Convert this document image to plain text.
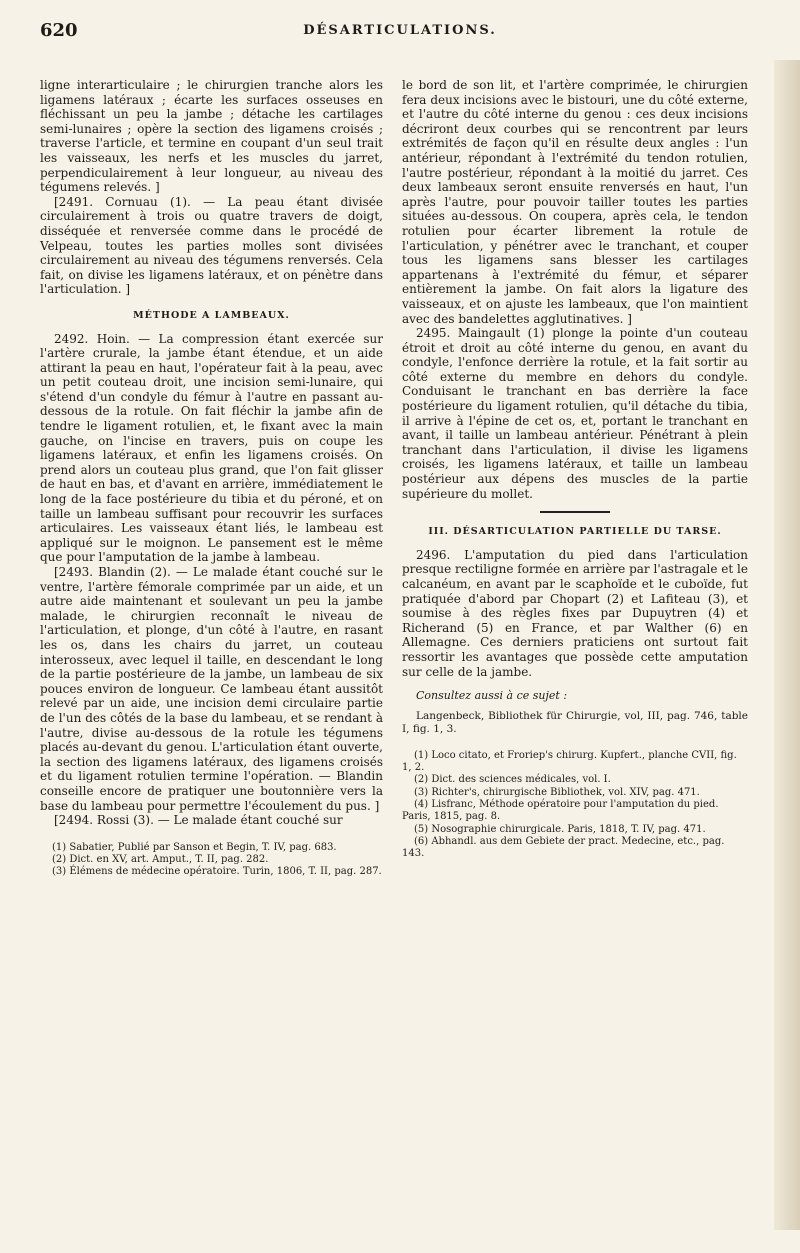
620	DÉSARTICULATIONS.

ligne interarticulaire ; le chirurgien tranche alors les ligamens latéraux ; écarte les surfaces osseuses en fléchissant un peu la jambe ; détache les cartilages semi-lunaires ; opère la section des ligamens croisés ; traverse l'article, et termine en coupant d'un seul trait les vaisseaux, les nerfs et les muscles du jarret, perpendiculairement à leur longueur, au niveau des tégumens relevés. ]

[2491. Cornuau (1). — La peau étant divisée circulairement à trois ou quatre travers de doigt, disséquée et renversée comme dans le procédé de Velpeau, toutes les parties molles sont divisées circulairement au niveau des tégumens renversés. Cela fait, on divise les ligamens latéraux, et on pénètre dans l'articulation. ]

MÉTHODE A LAMBEAUX.

2492. Hoin. — La compression étant exercée sur l'artère crurale, la jambe étant étendue, et un aide attirant la peau en haut, l'opérateur fait à la peau, avec un petit couteau droit, une incision semi-lunaire, qui s'étend d'un condyle du fémur à l'autre en passant au-dessous de la rotule. On fait fléchir la jambe afin de tendre le ligament rotulien, et, le fixant avec la main gauche, on l'incise en travers, puis on coupe les ligamens latéraux, et enfin les ligamens croisés. On prend alors un couteau plus grand, que l'on fait glisser de haut en bas, et d'avant en arrière, immédiatement le long de la face postérieure du tibia et du péroné, et on taille un lambeau suffisant pour recouvrir les surfaces articulaires. Les vaisseaux étant liés, le lambeau est appliqué sur le moignon. Le pansement est le même que pour l'amputation de la jambe à lambeau.

[2493. Blandin (2). — Le malade étant couché sur le ventre, l'artère fémorale comprimée par un aide, et un autre aide maintenant et soulevant un peu la jambe malade, le chirurgien reconnaît le niveau de l'articulation, et plonge, d'un côté à l'autre, en rasant les os, dans les chairs du jarret, un couteau interosseux, avec lequel il taille, en descendant le long de la partie postérieure de la jambe, un lambeau de six pouces environ de longueur. Ce lambeau étant aussitôt relevé par un aide, une incision demi circulaire partie de l'un des côtés de la base du lambeau, et se rendant à l'autre, divise au-dessous de la rotule les tégumens placés au-devant du genou. L'articulation étant ouverte, la section des ligamens latéraux, des ligamens croisés et du ligament rotulien termine l'opération. — Blandin conseille encore de pratiquer une boutonnière vers la base du lambeau pour permettre l'écoulement du pus. ]

[2494. Rossi (3). — Le malade étant couché sur

(1) Sabatier, Publié par Sanson et Begin, T. IV, pag. 683.
(2) Dict. en XV, art. Amput., T. II, pag. 282.
(3) Élémens de médecine opératoire. Turin, 1806, T. II, pag. 287.

le bord de son lit, et l'artère comprimée, le chirurgien fera deux incisions avec le bistouri, une du côté externe, et l'autre du côté interne du genou : ces deux incisions décriront deux courbes qui se rencontrent par leurs extrémités de façon qu'il en résulte deux angles : l'un antérieur, répondant à l'extrémité du tendon rotulien, l'autre postérieur, répondant à la moitié du jarret. Ces deux lambeaux seront ensuite renversés en haut, l'un après l'autre, pour pouvoir tailler toutes les parties situées au-dessous. On coupera, après cela, le tendon rotulien pour écarter librement la rotule de l'articulation, y pénétrer avec le tranchant, et couper tous les ligamens sans blesser les cartilages appartenans à l'extrémité du fémur, et séparer entièrement la jambe. On fait alors la ligature des vaisseaux, et on ajuste les lambeaux, que l'on maintient avec des bandelettes agglutinatives. ]

2495. Maingault (1) plonge la pointe d'un couteau étroit et droit au côté interne du genou, en avant du condyle, l'enfonce derrière la rotule, et la fait sortir au côté externe du membre en dehors du condyle. Conduisant le tranchant en bas derrière la face postérieure du ligament rotulien, qu'il détache du tibia, il arrive à l'épine de cet os, et, portant le tranchant en avant, il taille un lambeau antérieur. Pénétrant à plein tranchant dans l'articulation, il divise les ligamens croisés, les ligamens latéraux, et taille un lambeau postérieur aux dépens des muscles de la partie supérieure du mollet.

III. DÉSARTICULATION PARTIELLE DU TARSE.

2496. L'amputation du pied dans l'articulation presque rectiligne formée en arrière par l'astragale et le calcanéum, en avant par le scaphoïde et le cuboïde, fut pratiquée d'abord par Chopart (2) et Lafiteau (3), et soumise à des règles fixes par Dupuytren (4) et Richerand (5) en France, et par Walther (6) en Allemagne. Ces derniers praticiens ont surtout fait ressortir les avantages que possède cette amputation sur celle de la jambe.

Consultez aussi à ce sujet :

Langenbeck, Bibliothek für Chirurgie, vol, III, pag. 746, table I, fig. 1, 3.

(1) Loco citato, et Froriep's chirurg. Kupfert., planche CVII, fig. 1, 2.
(2) Dict. des sciences médicales, vol. I.
(3) Richter's, chirurgische Bibliothek, vol. XIV, pag. 471.
(4) Lisfranc, Méthode opératoire pour l'amputation du pied. Paris, 1815, pag. 8.
(5) Nosographie chirurgicale. Paris, 1818, T. IV, pag. 471.
(6) Abhandl. aus dem Gebiete der pract. Medecine, etc., pag. 143.
